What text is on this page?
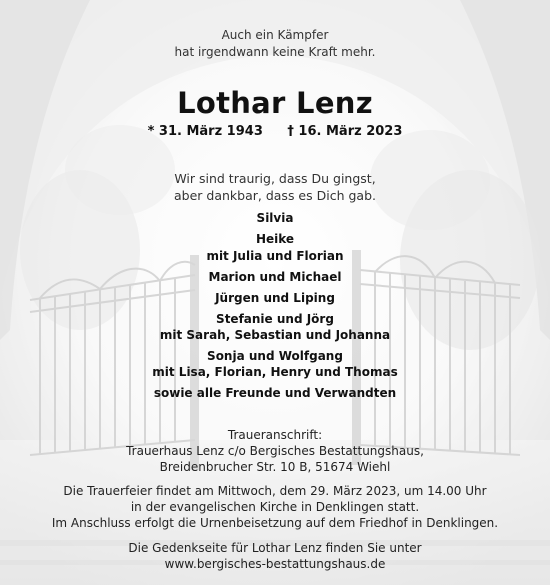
Auch ein Kämpfer
hat irgendwann keine Kraft mehr.
Lothar Lenz
* 31. März 1943 † 16. März 2023
Wir sind traurig, dass Du gingst,
aber dankbar, dass es Dich gab.
Silvia
Heike
mit Julia und Florian
Marion und Michael
Jürgen und Liping
Stefanie und Jörg
mit Sarah, Sebastian und Johanna
Sonja und Wolfgang
mit Lisa, Florian, Henry und Thomas
sowie alle Freunde und Verwandten
Traueranschrift:
Trauerhaus Lenz c/o Bergisches Bestattungshaus,
Breidenbrucher Str. 10 B, 51674 Wiehl
Die Trauerfeier findet am Mittwoch, dem 29. März 2023, um 14.00 Uhr
in der evangelischen Kirche in Denklingen statt.
Im Anschluss erfolgt die Urnenbeisetzung auf dem Friedhof in Denklingen.
Die Gedenkseite für Lothar Lenz finden Sie unter
www.bergisches-bestattungshaus.de
